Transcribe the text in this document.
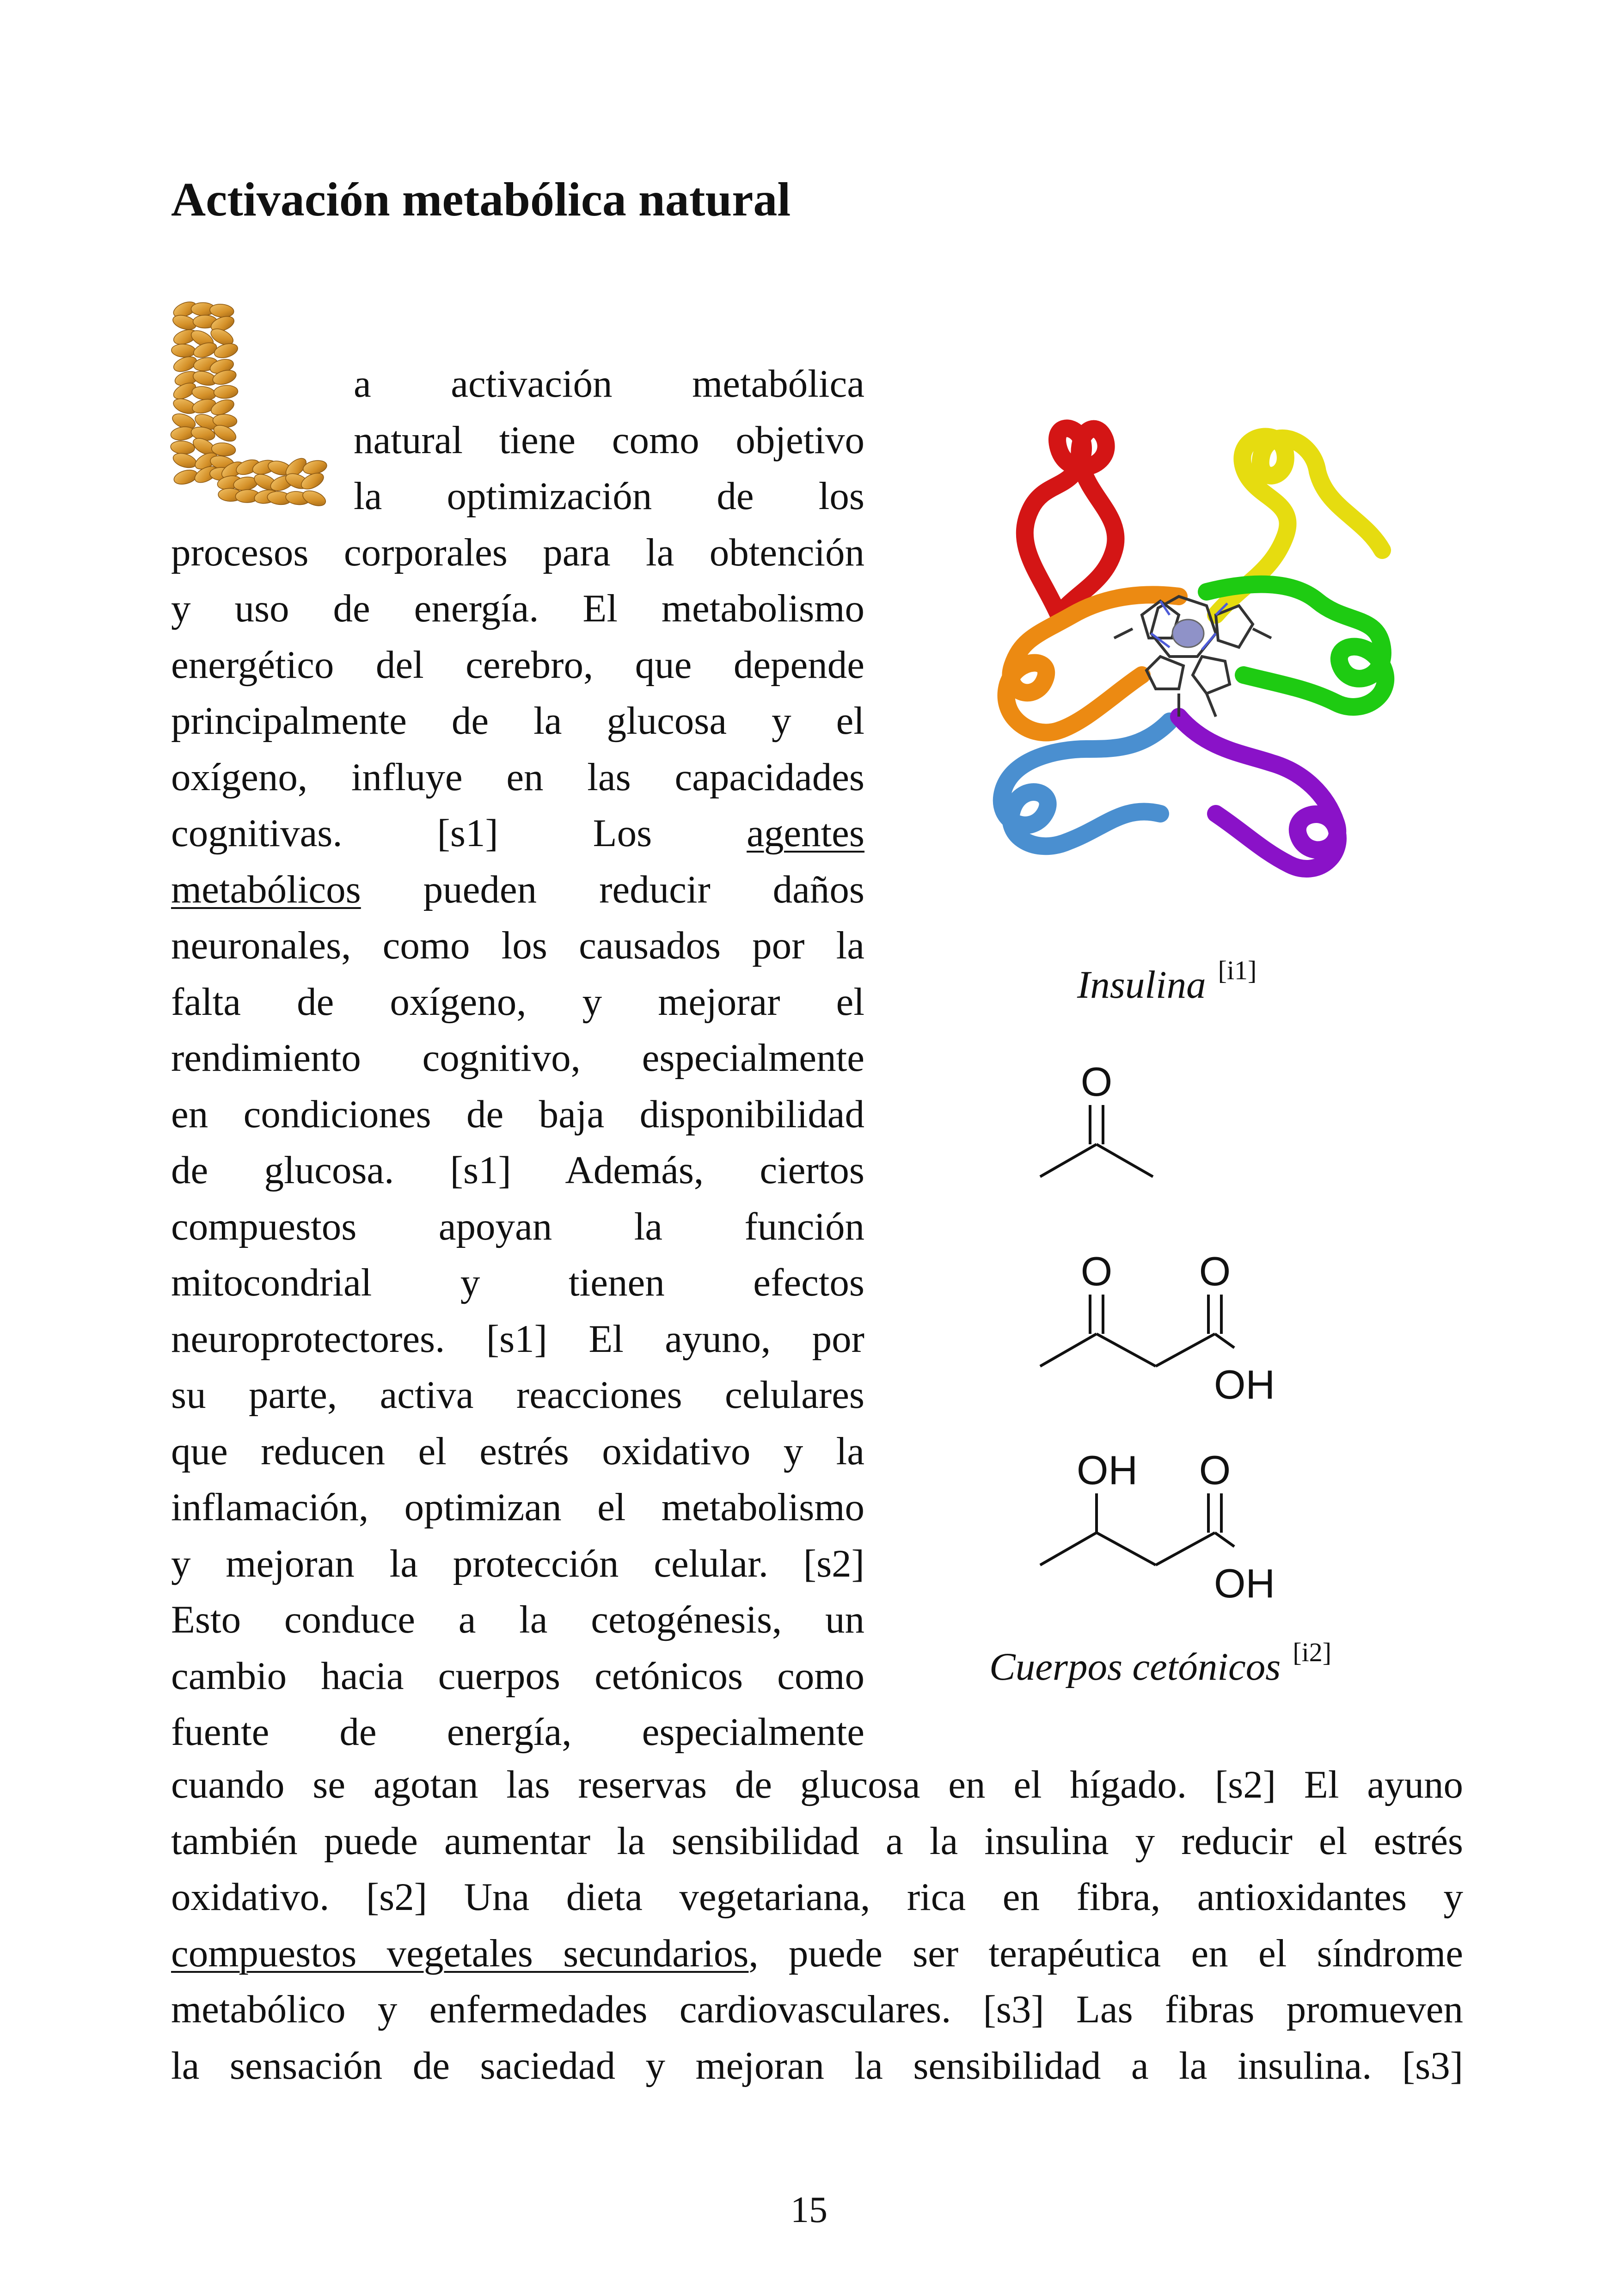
Activación metabólica natural
a activación metabólica
natural tiene como objetivo
la optimización de los
procesos corporales para la obtención
y uso de energía. El metabolismo
energético del cerebro, que depende
principalmente de la glucosa y el
oxígeno, influye en las capacidades
cognitivas. [s1] Los agentes
metabólicos pueden reducir daños
neuronales, como los causados por la
falta de oxígeno, y mejorar el
rendimiento cognitivo, especialmente
en condiciones de baja disponibilidad
de glucosa. [s1] Además, ciertos
compuestos apoyan la función
mitocondrial y tienen efectos
neuroprotectores. [s1] El ayuno, por
su parte, activa reacciones celulares
que reducen el estrés oxidativo y la
inflamación, optimizan el metabolismo
y mejoran la protección celular. [s2]
Esto conduce a la cetogénesis, un
cambio hacia cuerpos cetónicos como
fuente de energía, especialmente
cuando se agotan las reservas de glucosa en el hígado. [s2] El ayuno
también puede aumentar la sensibilidad a la insulina y reducir el estrés
oxidativo. [s2] Una dieta vegetariana, rica en fibra, antioxidantes y
compuestos vegetales secundarios, puede ser terapéutica en el síndrome
metabólico y enfermedades cardiovasculares. [s3] Las fibras promueven
la sensación de saciedad y mejoran la sensibilidad a la insulina. [s3]
Insulina [i1]
O
O O
OH
OH O
OH
Cuerpos cetónicos [i2]
15
